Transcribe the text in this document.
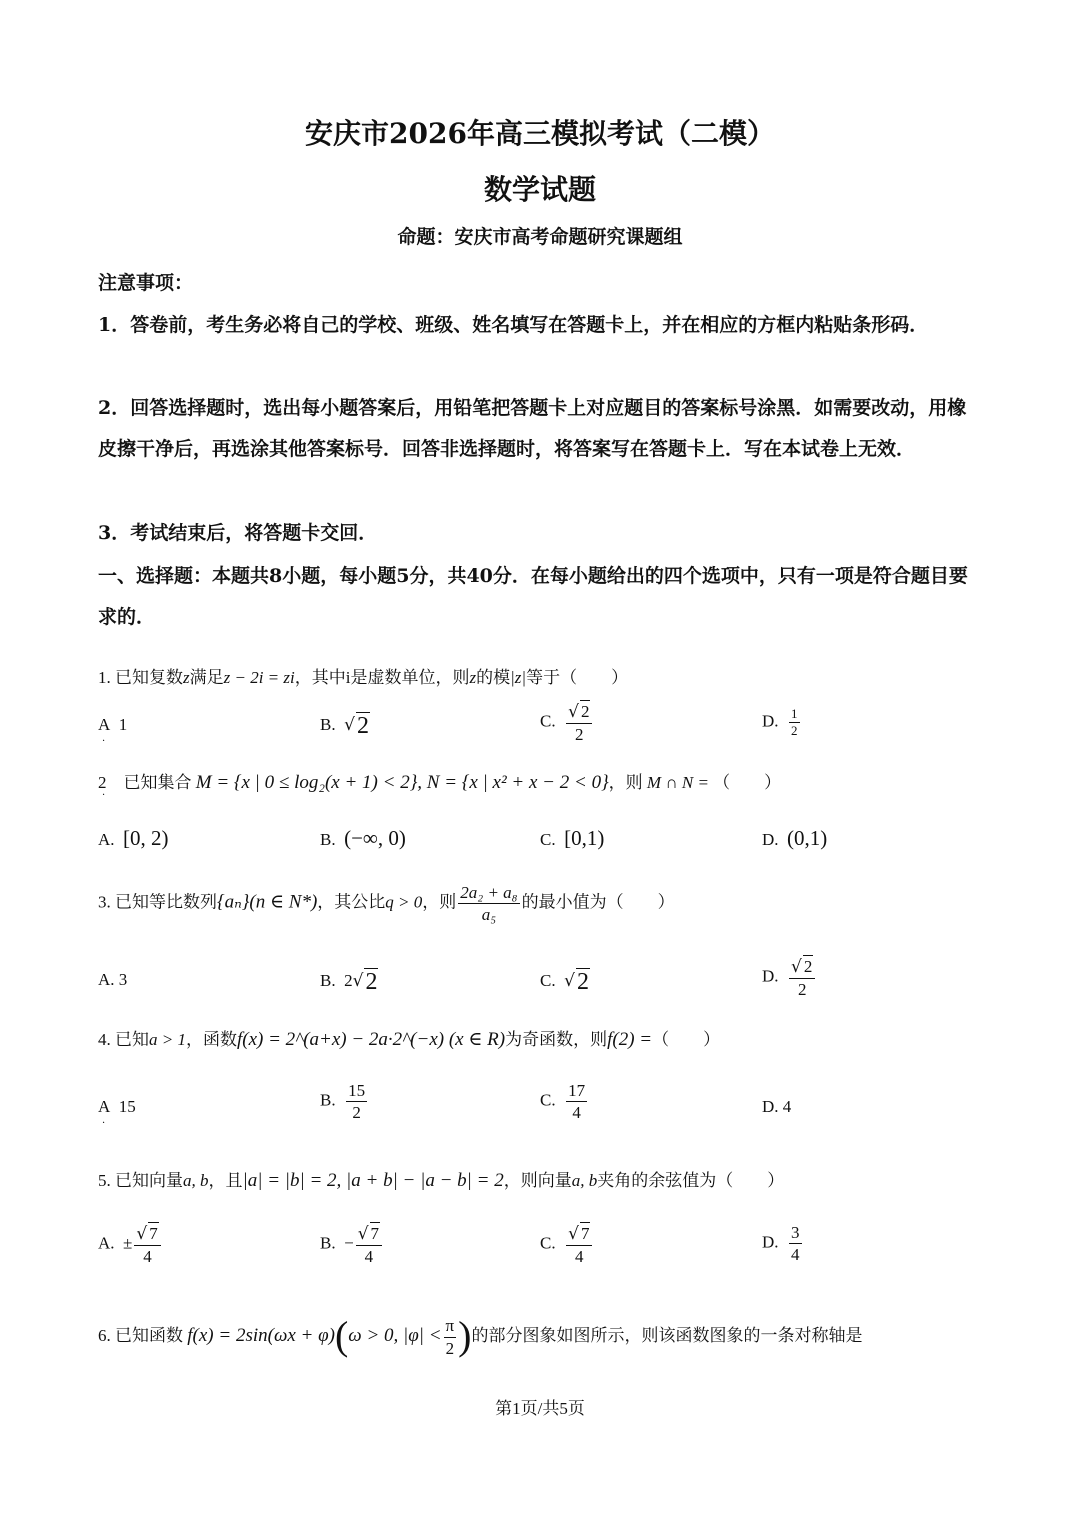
安庆市2026年高三模拟考试（二模）
数学试题
命题：安庆市高考命题研究课题组
注意事项：
1．答卷前，考生务必将自己的学校、班级、姓名填写在答题卡上，并在相应的方框内粘贴条形码．
2．回答选择题时，选出每小题答案后，用铅笔把答题卡上对应题目的答案标号涂黑．如需要改动，用橡皮擦干净后，再选涂其他答案标号．回答非选择题时，将答案写在答题卡上．写在本试卷上无效．
3．考试结束后，将答题卡交回．
一、选择题：本题共8小题，每小题5分，共40分．在每小题给出的四个选项中，只有一项是符合题目要求的．
1. 已知复数z满足z − 2i = zi，其中i是虚数单位，则z的模|z|等于（　　）
A 1
·
B. √2	C. $\frac{√ 2}{2}$	D. $\frac{1}{2}$
2　已知集合 M = {x | 0 ≤ log₂(x + 1) < 2}, N = {x | x² + x − 2 < 0}，则 M ∩ N = （　　）
·
A. [0, 2)	B. (−∞, 0)	C. [0,1)	D. (0,1)
3. 已知等比数列{aₙ}(n ∈ N*)，其公比q > 0，则 $\frac{\text{2a₂ + a₈}}{\text{a₅}}$ 的最小值为（　　）
A. 3	B. 2√2	C. √2	D. $\frac{√ 2}{2}$
4. 已知a > 1，函数f(x) = 2^(a+x) − 2a·2^(−x) (x ∈ R)为奇函数，则f(2) =（　　）
A 15
·
B. $\frac{15}{2}$	C. $\frac{17}{4}$	D. 4
5. 已知向量a, b，且|a| = |b| = 2, |a + b| − |a − b| = 2，则向量a, b夹角的余弦值为（　　）
A. ± $\frac{√ 7}{4}$	B. − $\frac{√ 7}{4}$	C. $\frac{√ 7}{4}$	D. $\frac{3}{4}$
6. 已知函数 f(x) = 2sin(ωx + φ)(ω > 0, $|\varphi| < \frac{\pi}{2}$ )的部分图象如图所示，则该函数图象的一条对称轴是
第1页/共5页
